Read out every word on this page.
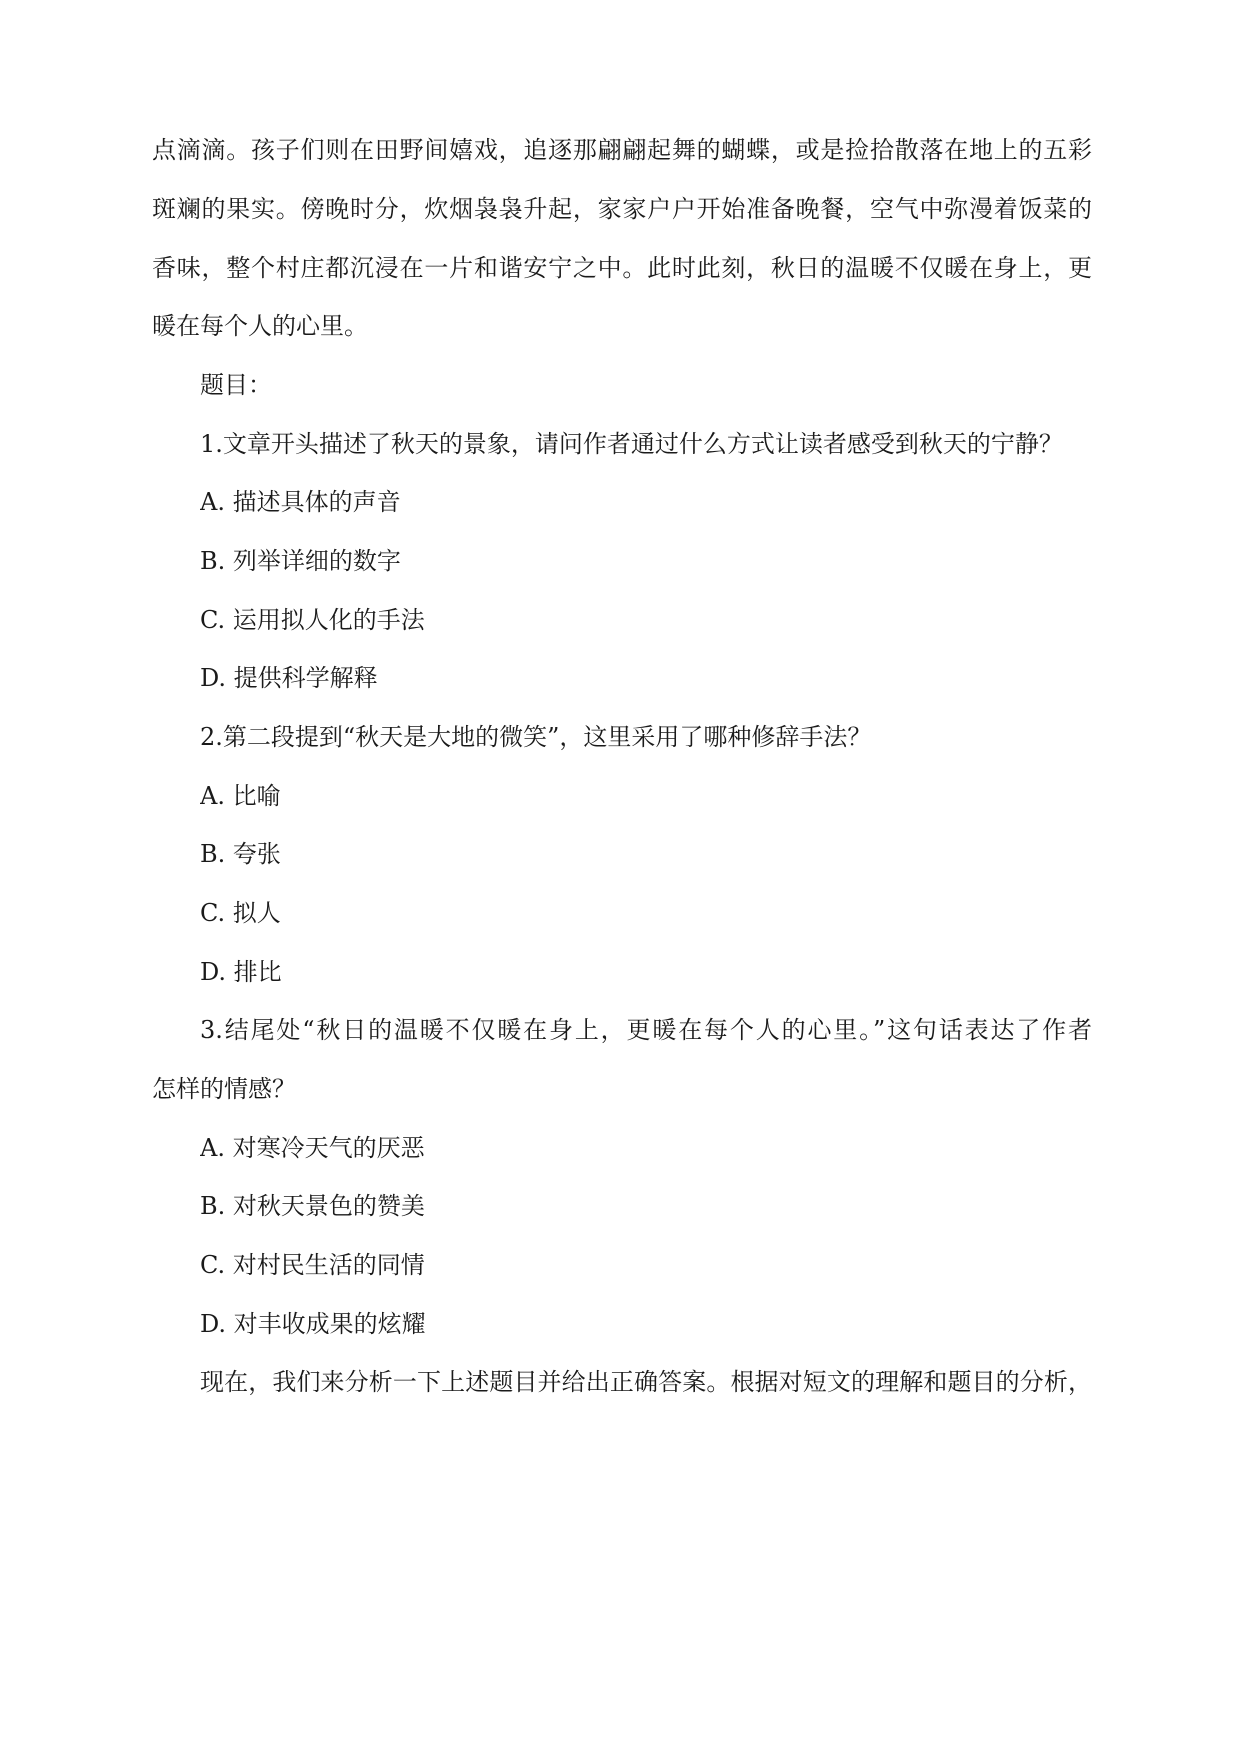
点滴滴。孩子们则在田野间嬉戏，追逐那翩翩起舞的蝴蝶，或是捡拾散落在地上的五彩
斑斓的果实。傍晚时分，炊烟袅袅升起，家家户户开始准备晚餐，空气中弥漫着饭菜的
香味，整个村庄都沉浸在一片和谐安宁之中。此时此刻，秋日的温暖不仅暖在身上，更
暖在每个人的心里。
题目：
1.文章开头描述了秋天的景象，请问作者通过什么方式让读者感受到秋天的宁静？
A. 描述具体的声音
B. 列举详细的数字
C. 运用拟人化的手法
D. 提供科学解释
2.第二段提到“秋天是大地的微笑”，这里采用了哪种修辞手法？
A. 比喻
B. 夸张
C. 拟人
D. 排比
3.结尾处“秋日的温暖不仅暖在身上，更暖在每个人的心里。”这句话表达了作者
怎样的情感？
A. 对寒冷天气的厌恶
B. 对秋天景色的赞美
C. 对村民生活的同情
D. 对丰收成果的炫耀
现在，我们来分析一下上述题目并给出正确答案。根据对短文的理解和题目的分析，
